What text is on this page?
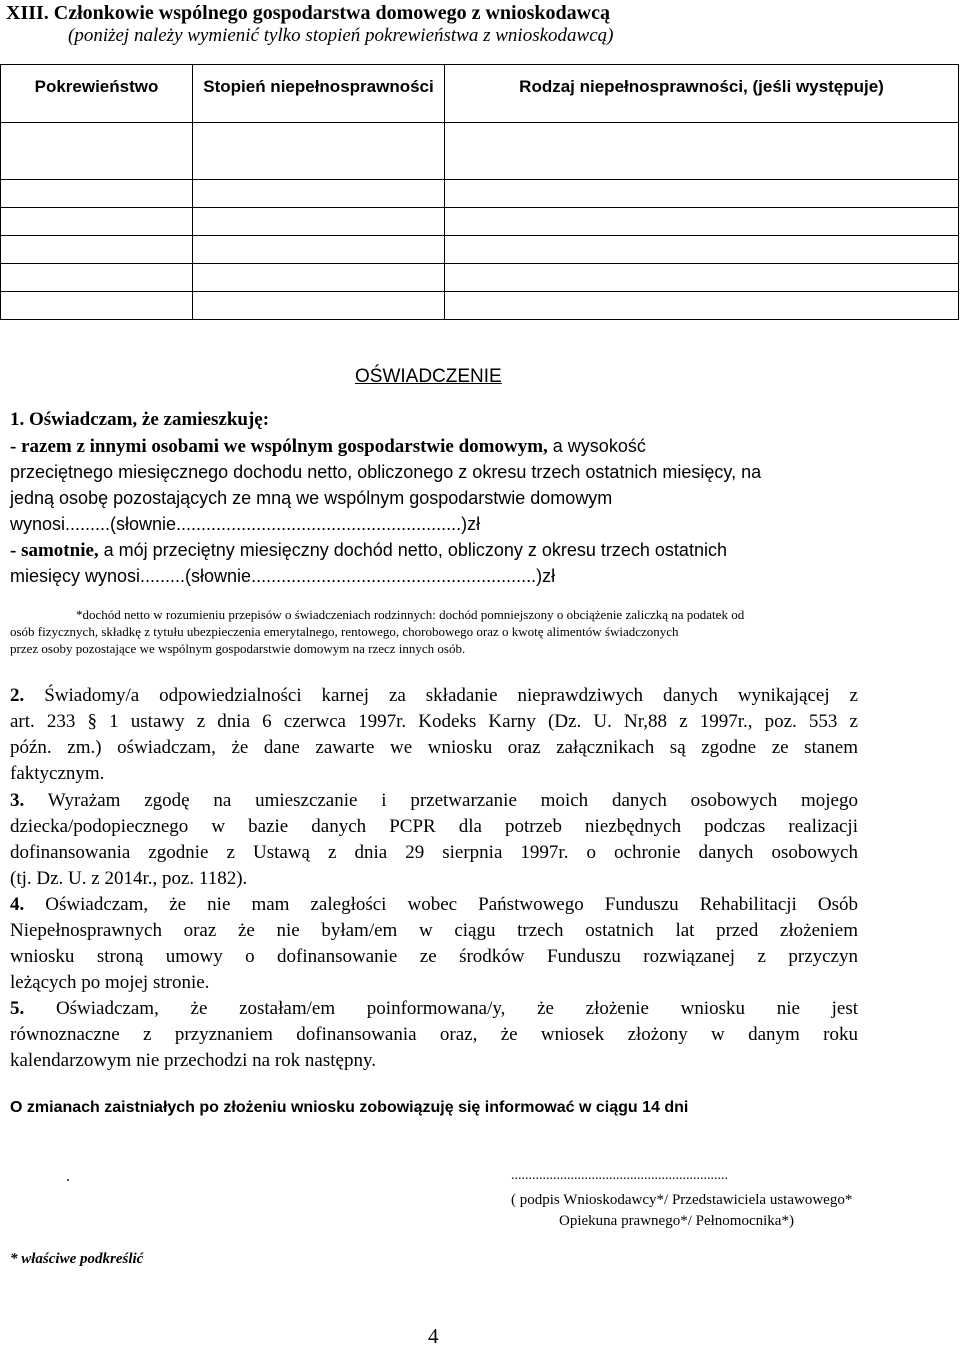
XIII. Członkowie wspólnego gospodarstwa domowego z wnioskodawcą
(poniżej należy wymienić tylko stopień pokrewieństwa z wnioskodawcą)
Pokrewieństwo	Stopień niepełnosprawności	Rodzaj niepełnosprawności, (jeśli występuje)

OŚWIADCZENIE
1. Oświadczam, że zamieszkuję:
- razem z innymi osobami we wspólnym gospodarstwie domowym, a wysokość
przeciętnego miesięcznego dochodu netto, obliczonego z okresu trzech ostatnich miesięcy, na
jedną osobę pozostających ze mną we wspólnym gospodarstwie domowym
wynosi.........(słownie.........................................................)zł
- samotnie, a mój przeciętny miesięczny dochód netto, obliczony z okresu trzech ostatnich
miesięcy wynosi.........(słownie.........................................................)zł
*dochód netto w rozumieniu przepisów o świadczeniach rodzinnych: dochód pomniejszony o obciążenie zaliczką na podatek od
osób fizycznych, składkę z tytułu ubezpieczenia emerytalnego, rentowego, chorobowego oraz o kwotę alimentów świadczonych
przez osoby pozostające we wspólnym gospodarstwie domowym na rzecz innych osób.
2. Świadomy/a odpowiedzialności karnej za składanie nieprawdziwych danych wynikającej z
art. 233 § 1 ustawy z dnia 6 czerwca 1997r. Kodeks Karny (Dz. U. Nr,88 z 1997r., poz. 553 z
późn. zm.) oświadczam, że dane zawarte we wniosku oraz załącznikach są zgodne ze stanem
faktycznym.
3. Wyrażam zgodę na umieszczanie i przetwarzanie moich danych osobowych mojego
dziecka/podopiecznego w bazie danych PCPR dla potrzeb niezbędnych podczas realizacji
dofinansowania zgodnie z Ustawą z dnia 29 sierpnia 1997r. o ochronie danych osobowych
(tj. Dz. U. z 2014r., poz. 1182).
4. Oświadczam, że nie mam zaległości wobec Państwowego Funduszu Rehabilitacji Osób
Niepełnosprawnych oraz że nie byłam/em w ciągu trzech ostatnich lat przed złożeniem
wniosku stroną umowy o dofinansowanie ze środków Funduszu rozwiązanej z przyczyn
leżących po mojej stronie.
5. Oświadczam, że zostałam/em poinformowana/y, że złożenie wniosku nie jest
równoznaczne z przyznaniem dofinansowania oraz, że wniosek złożony w danym roku
kalendarzowym nie przechodzi na rok następny.
O zmianach zaistniałych po złożeniu wniosku zobowiązuję się informować w ciągu 14 dni
.	..............................................................
( podpis Wnioskodawcy*/ Przedstawiciela ustawowego*
Opiekuna prawnego*/ Pełnomocnika*)
* właściwe podkreślić
4
